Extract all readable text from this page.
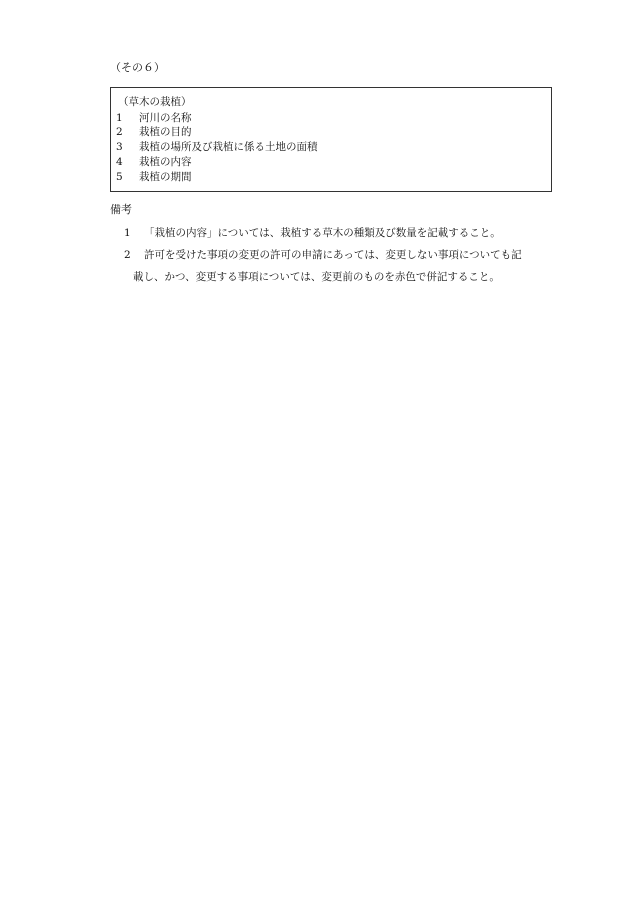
（その６）
（草木の栽植）
1 河川の名称
2 栽植の目的
3 栽植の場所及び栽植に係る土地の面積
4 栽植の内容
5 栽植の期間
備考
1 「栽植の内容」については、栽植する草木の種類及び数量を記載すること。
2 許可を受けた事項の変更の許可の申請にあっては、変更しない事項についても記
載し、かつ、変更する事項については、変更前のものを赤色で併記すること。
